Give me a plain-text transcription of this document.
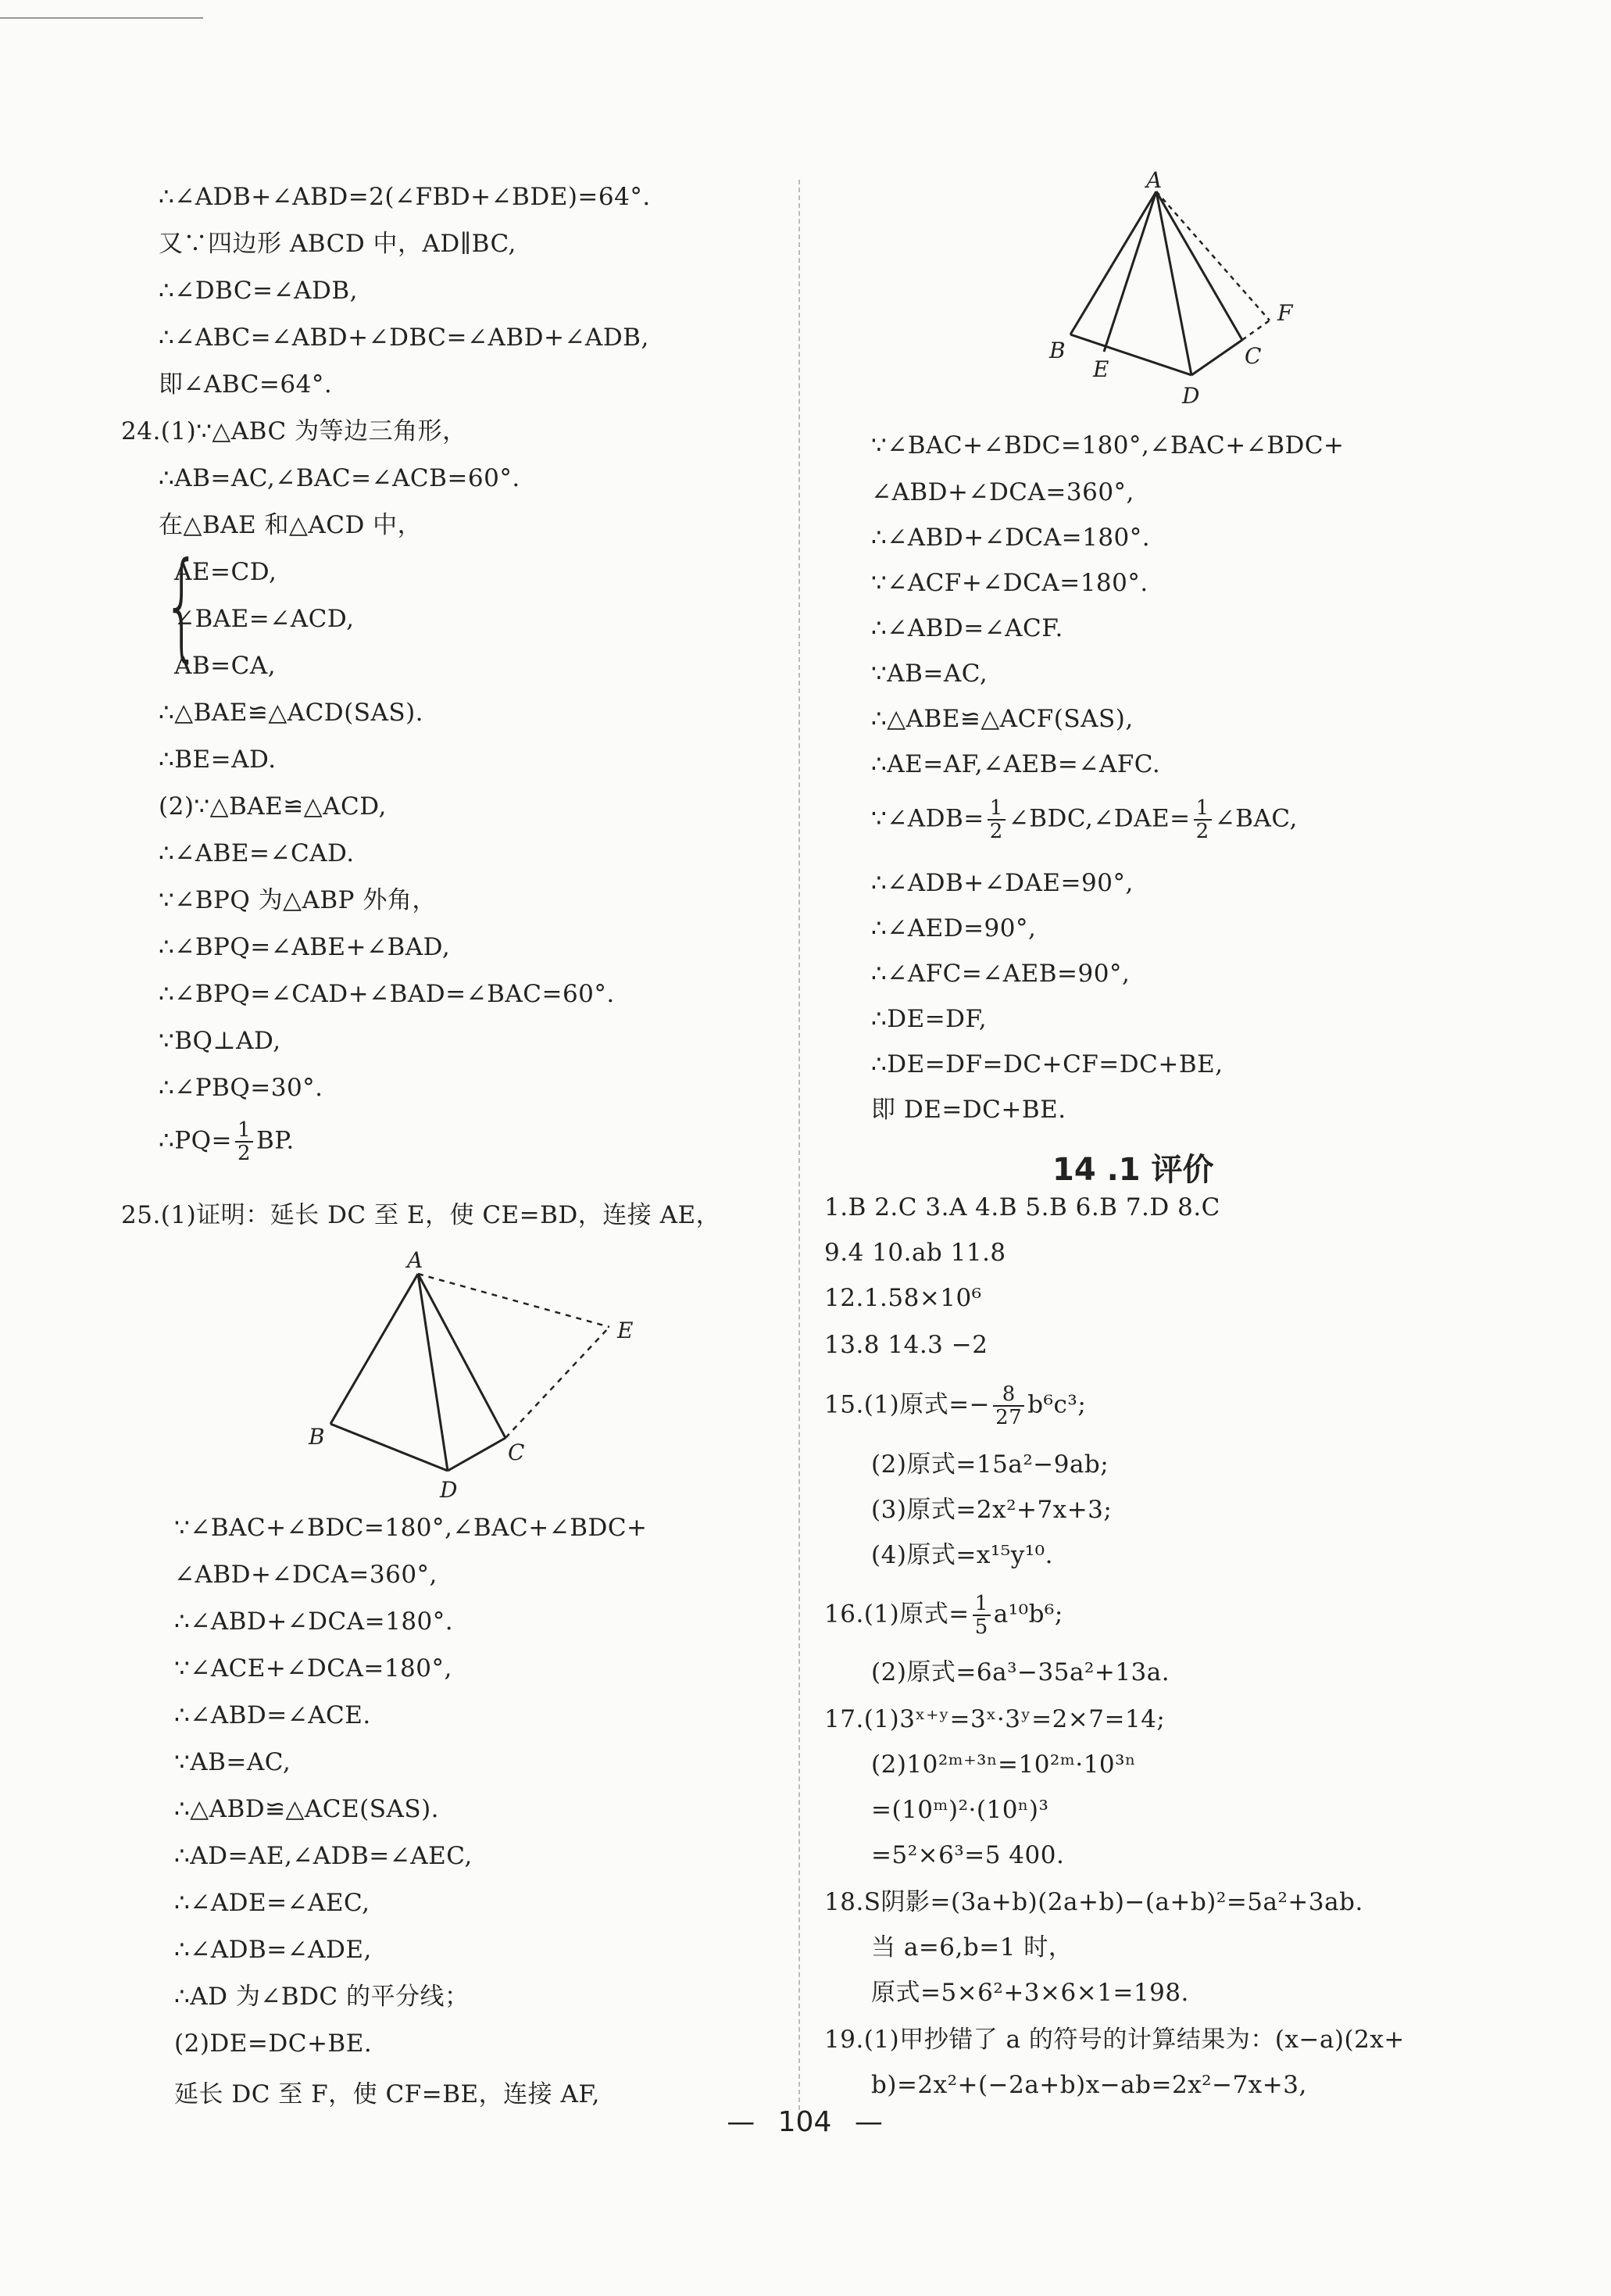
∴∠ADB+∠ABD=2(∠FBD+∠BDE)=64°.
又∵四边形 ABCD 中，AD∥BC,
∴∠DBC=∠ADB,
∴∠ABC=∠ABD+∠DBC=∠ABD+∠ADB,
即∠ABC=64°.
24.(1)∵△ABC 为等边三角形，
∴AB=AC,∠BAC=∠ACB=60°.
在△BAE 和△ACD 中，
{
AE=CD,
∠BAE=∠ACD,
AB=CA,
∴△BAE≌△ACD(SAS).
∴BE=AD.
(2)∵△BAE≌△ACD,
∴∠ABE=∠CAD.
∵∠BPQ 为△ABP 外角，
∴∠BPQ=∠ABE+∠BAD,
∴∠BPQ=∠CAD+∠BAD=∠BAC=60°.
∵BQ⊥AD,
∴∠PBQ=30°.
∴PQ= $\frac{1}{2}$ BP.
25.(1)证明：延长 DC 至 E，使 CE=BD，连接 AE，
A
B
C
D
E
∵∠BAC+∠BDC=180°,∠BAC+∠BDC+
∠ABD+∠DCA=360°,
∴∠ABD+∠DCA=180°.
∵∠ACE+∠DCA=180°,
∴∠ABD=∠ACE.
∵AB=AC,
∴△ABD≌△ACE(SAS).
∴AD=AE,∠ADB=∠AEC,
∴∠ADE=∠AEC,
∴∠ADB=∠ADE,
∴AD 为∠BDC 的平分线；
(2)DE=DC+BE.
延长 DC 至 F，使 CF=BE，连接 AF,
A
B	C
D
E
F
∵∠BAC+∠BDC=180°,∠BAC+∠BDC+
∠ABD+∠DCA=360°,
∴∠ABD+∠DCA=180°.
∵∠ACF+∠DCA=180°.
∴∠ABD=∠ACF.
∵AB=AC,
∴△ABE≌△ACF(SAS),
∴AE=AF,∠AEB=∠AFC.
∵∠ADB= $\frac{1}{2}$ ∠BDC,∠DAE= $\frac{1}{2}$ ∠BAC,
∴∠ADB+∠DAE=90°,
∴∠AED=90°,
∴∠AFC=∠AEB=90°,
∴DE=DF,
∴DE=DF=DC+CF=DC+BE,
即 DE=DC+BE.
14 .1 评价
1.B 2.C 3.A 4.B 5.B 6.B 7.D 8.C
9.4 10.ab 11.8
12.1.58×10⁶
13.8 14.3 −2
15.(1)原式=− $\frac{8}{27} b^6c^3$;
(2)原式=15a²−9ab;
(3)原式=2x²+7x+3;
(4)原式=x¹⁵y¹⁰.
16.(1)原式= $\frac{1}{5} a^{10}b^6$;
(2)原式=6a³−35a²+13a.
17.(1)3ˣ⁺ʸ=3ˣ·3ʸ=2×7=14;
(2)10²ᵐ⁺³ⁿ=10²ᵐ·10³ⁿ
=(10ᵐ)²·(10ⁿ)³
=5²×6³=5 400.
18.S阴影=(3a+b)(2a+b)−(a+b)²=5a²+3ab.
当 a=6,b=1 时，
原式=5×6²+3×6×1=198.
19.(1)甲抄错了 a 的符号的计算结果为：(x−a)(2x+
b)=2x²+(−2a+b)x−ab=2x²−7x+3,
— 104 —
